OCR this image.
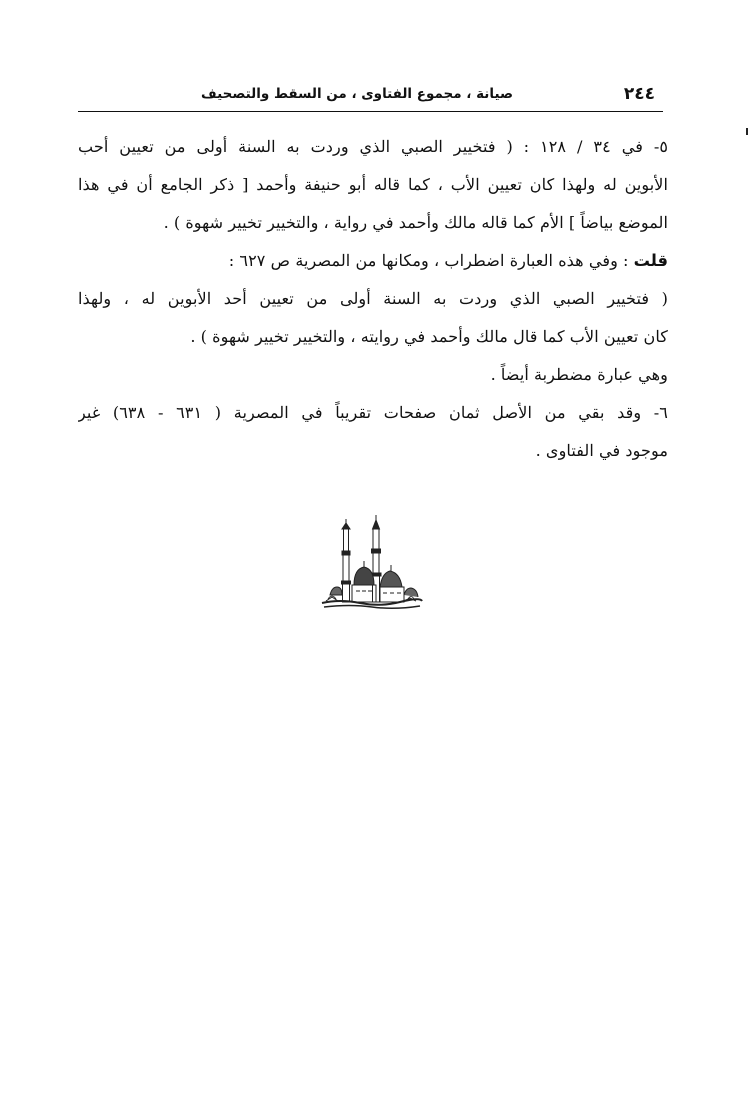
٢٤٤
صيانة ، مجموع الفتاوى ، من السقط والتصحيف
٥- في ٣٤ / ١٢٨ : ( فتخيير الصبي الذي وردت به السنة أولى من تعيين أحب
الأبوين له ولهذا كان تعيين الأب ، كما قاله أبو حنيفة وأحمد [ ذكر الجامع أن في هذا
الموضع بياضاً ] الأم كما قاله مالك وأحمد في رواية ، والتخيير تخيير شهوة ) .
قلت : وفي هذه العبارة اضطراب ، ومكانها من المصرية ص ٦٢٧ :
( فتخيير الصبي الذي وردت به السنة أولى من تعيين أحد الأبوين له ، ولهذا
كان تعيين الأب كما قال مالك وأحمد في روايته ، والتخيير تخيير شهوة ) .
وهي عبارة مضطربة أيضاً .
٦- وقد بقي من الأصل ثمان صفحات تقريباً في المصرية ( ٦٣١ - ٦٣٨) غير
موجود في الفتاوى .
